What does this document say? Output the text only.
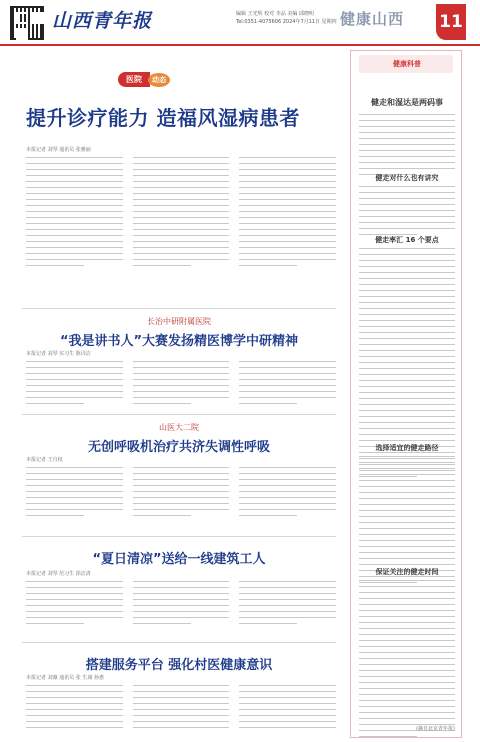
山西青年报	编辑 王光辉 校对 李品 美编 邱晓明
Tel:0351-4075606 2024年7月11日 星期四 健康山西 11
医院	动态
提升诊疗能力 造福风湿病患者
本报记者 刘琴 通讯员 张雅丽
长治中研附属医院
“我是讲书人”大赛发扬精医博学中研精神
本报记者 刘琴 实习生 陈诗洁
山医大二院
无创呼吸机治疗共济失调性呼吸
本报记者 王自权
“夏日清凉”送给一线建筑工人
本报记者 刘琴 范习生 徐洁清
搭建服务平台 强化村医健康意识
本报记者 刘薇 通讯员 张 生康 孙惠
健康科普
健走和湿达是两码事
健走对什么也有讲究
健走率汇 16 个要点
选择适宜的健走路径
保证关注的健走时间
(摘自北京青年报)
